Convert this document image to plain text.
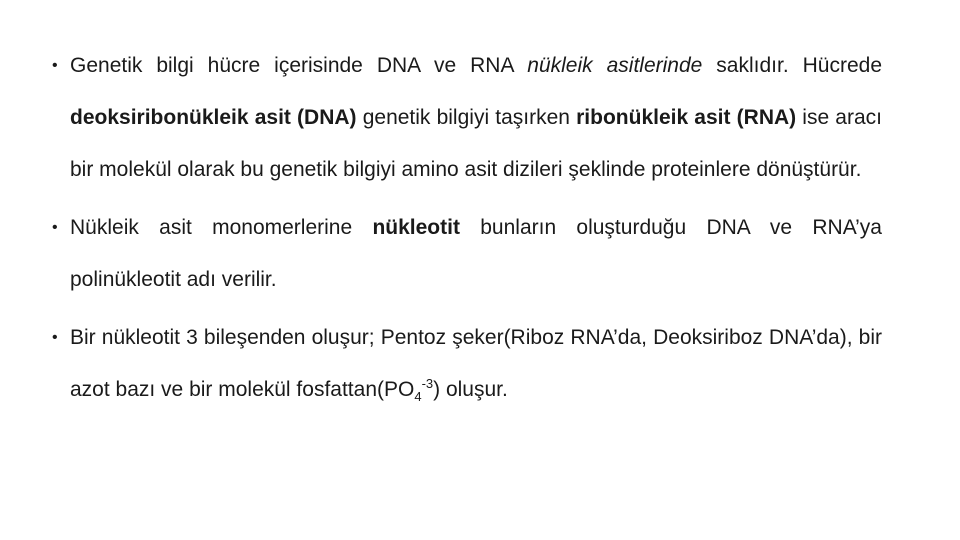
• Genetik bilgi hücre içerisinde DNA ve RNA nükleik asitlerinde saklıdır. Hücrede deoksiribonükleik asit (DNA) genetik bilgiyi taşırken ribonükleik asit (RNA) ise aracı bir molekül olarak bu genetik bilgiyi amino asit dizileri şeklinde proteinlere dönüştürür.

• Nükleik asit monomerlerine nükleotit bunların oluşturduğu DNA ve RNA’ya polinükleotit adı verilir.

• Bir nükleotit 3 bileşenden oluşur; Pentoz şeker(Riboz RNA’da, Deoksiriboz DNA’da), bir azot bazı ve bir molekül $fosfattan(PO_4^{-3})$ oluşur.
